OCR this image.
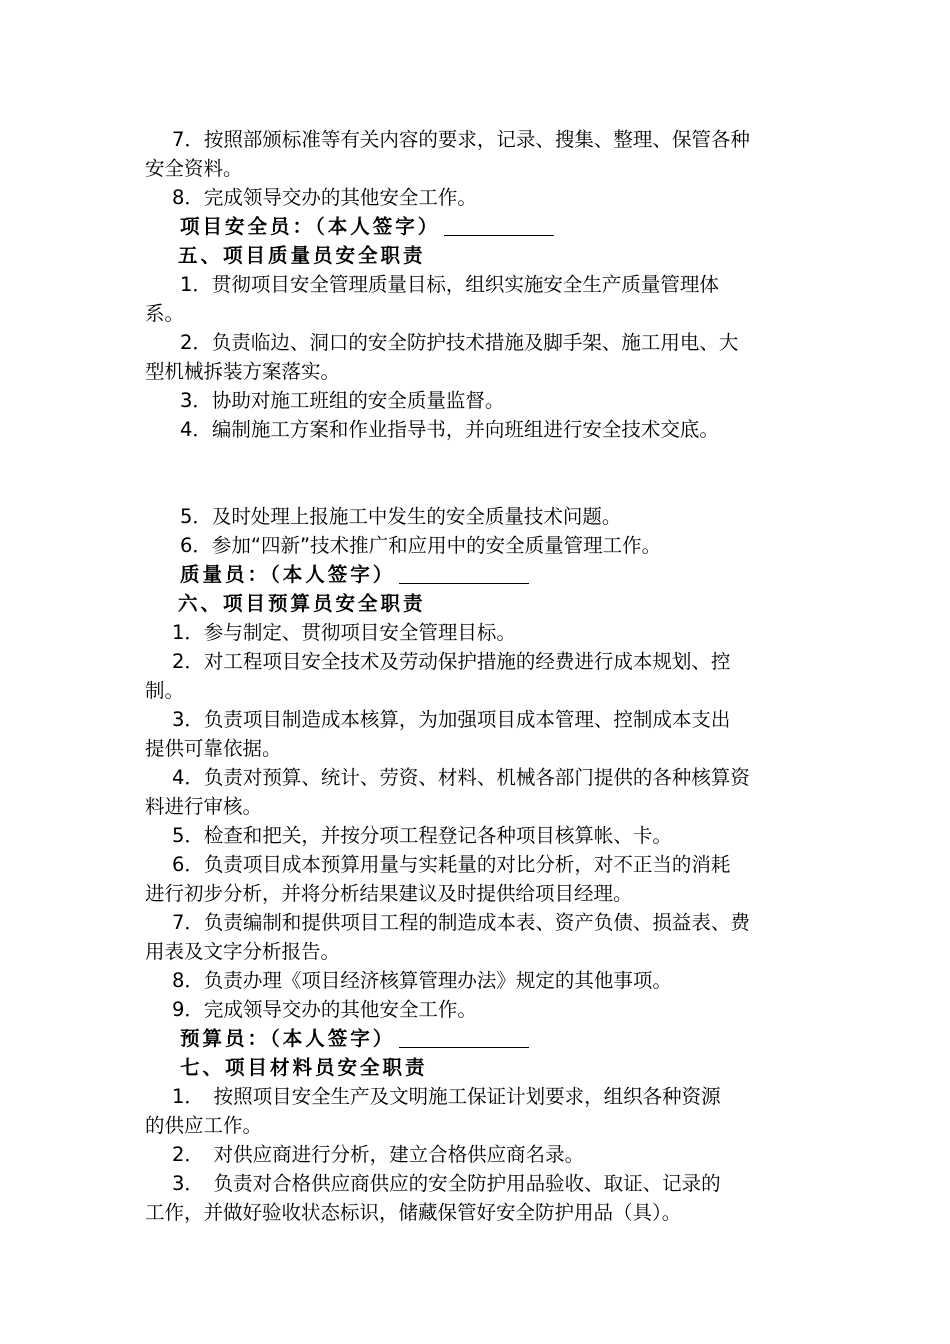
7．按照部颁标准等有关内容的要求，记录、搜集、整理、保管各种
安全资料。
8．完成领导交办的其他安全工作。
项目安全员：（本人签字）
五、项目质量员安全职责
1．贯彻项目安全管理质量目标，组织实施安全生产质量管理体
系。
2．负责临边、洞口的安全防护技术措施及脚手架、施工用电、大
型机械拆装方案落实。
3．协助对施工班组的安全质量监督。
4．编制施工方案和作业指导书，并向班组进行安全技术交底。
5．及时处理上报施工中发生的安全质量技术问题。
6．参加“四新”技术推广和应用中的安全质量管理工作。
质量员：（本人签字）
六、项目预算员安全职责
1．参与制定、贯彻项目安全管理目标。
2．对工程项目安全技术及劳动保护措施的经费进行成本规划、控
制。
3．负责项目制造成本核算，为加强项目成本管理、控制成本支出
提供可靠依据。
4．负责对预算、统计、劳资、材料、机械各部门提供的各种核算资
料进行审核。
5．检查和把关，并按分项工程登记各种项目核算帐、卡。
6．负责项目成本预算用量与实耗量的对比分析，对不正当的消耗
进行初步分析，并将分析结果建议及时提供给项目经理。
7．负责编制和提供项目工程的制造成本表、资产负债、损益表、费
用表及文字分析报告。
8．负责办理《项目经济核算管理办法》规定的其他事项。
9．完成领导交办的其他安全工作。
预算员：（本人签字）
七、项目材料员安全职责
1．　按照项目安全生产及文明施工保证计划要求，组织各种资源
的供应工作。
2．　对供应商进行分析，建立合格供应商名录。
3．　负责对合格供应商供应的安全防护用品验收、取证、记录的
工作，并做好验收状态标识，储藏保管好安全防护用品（具）。
